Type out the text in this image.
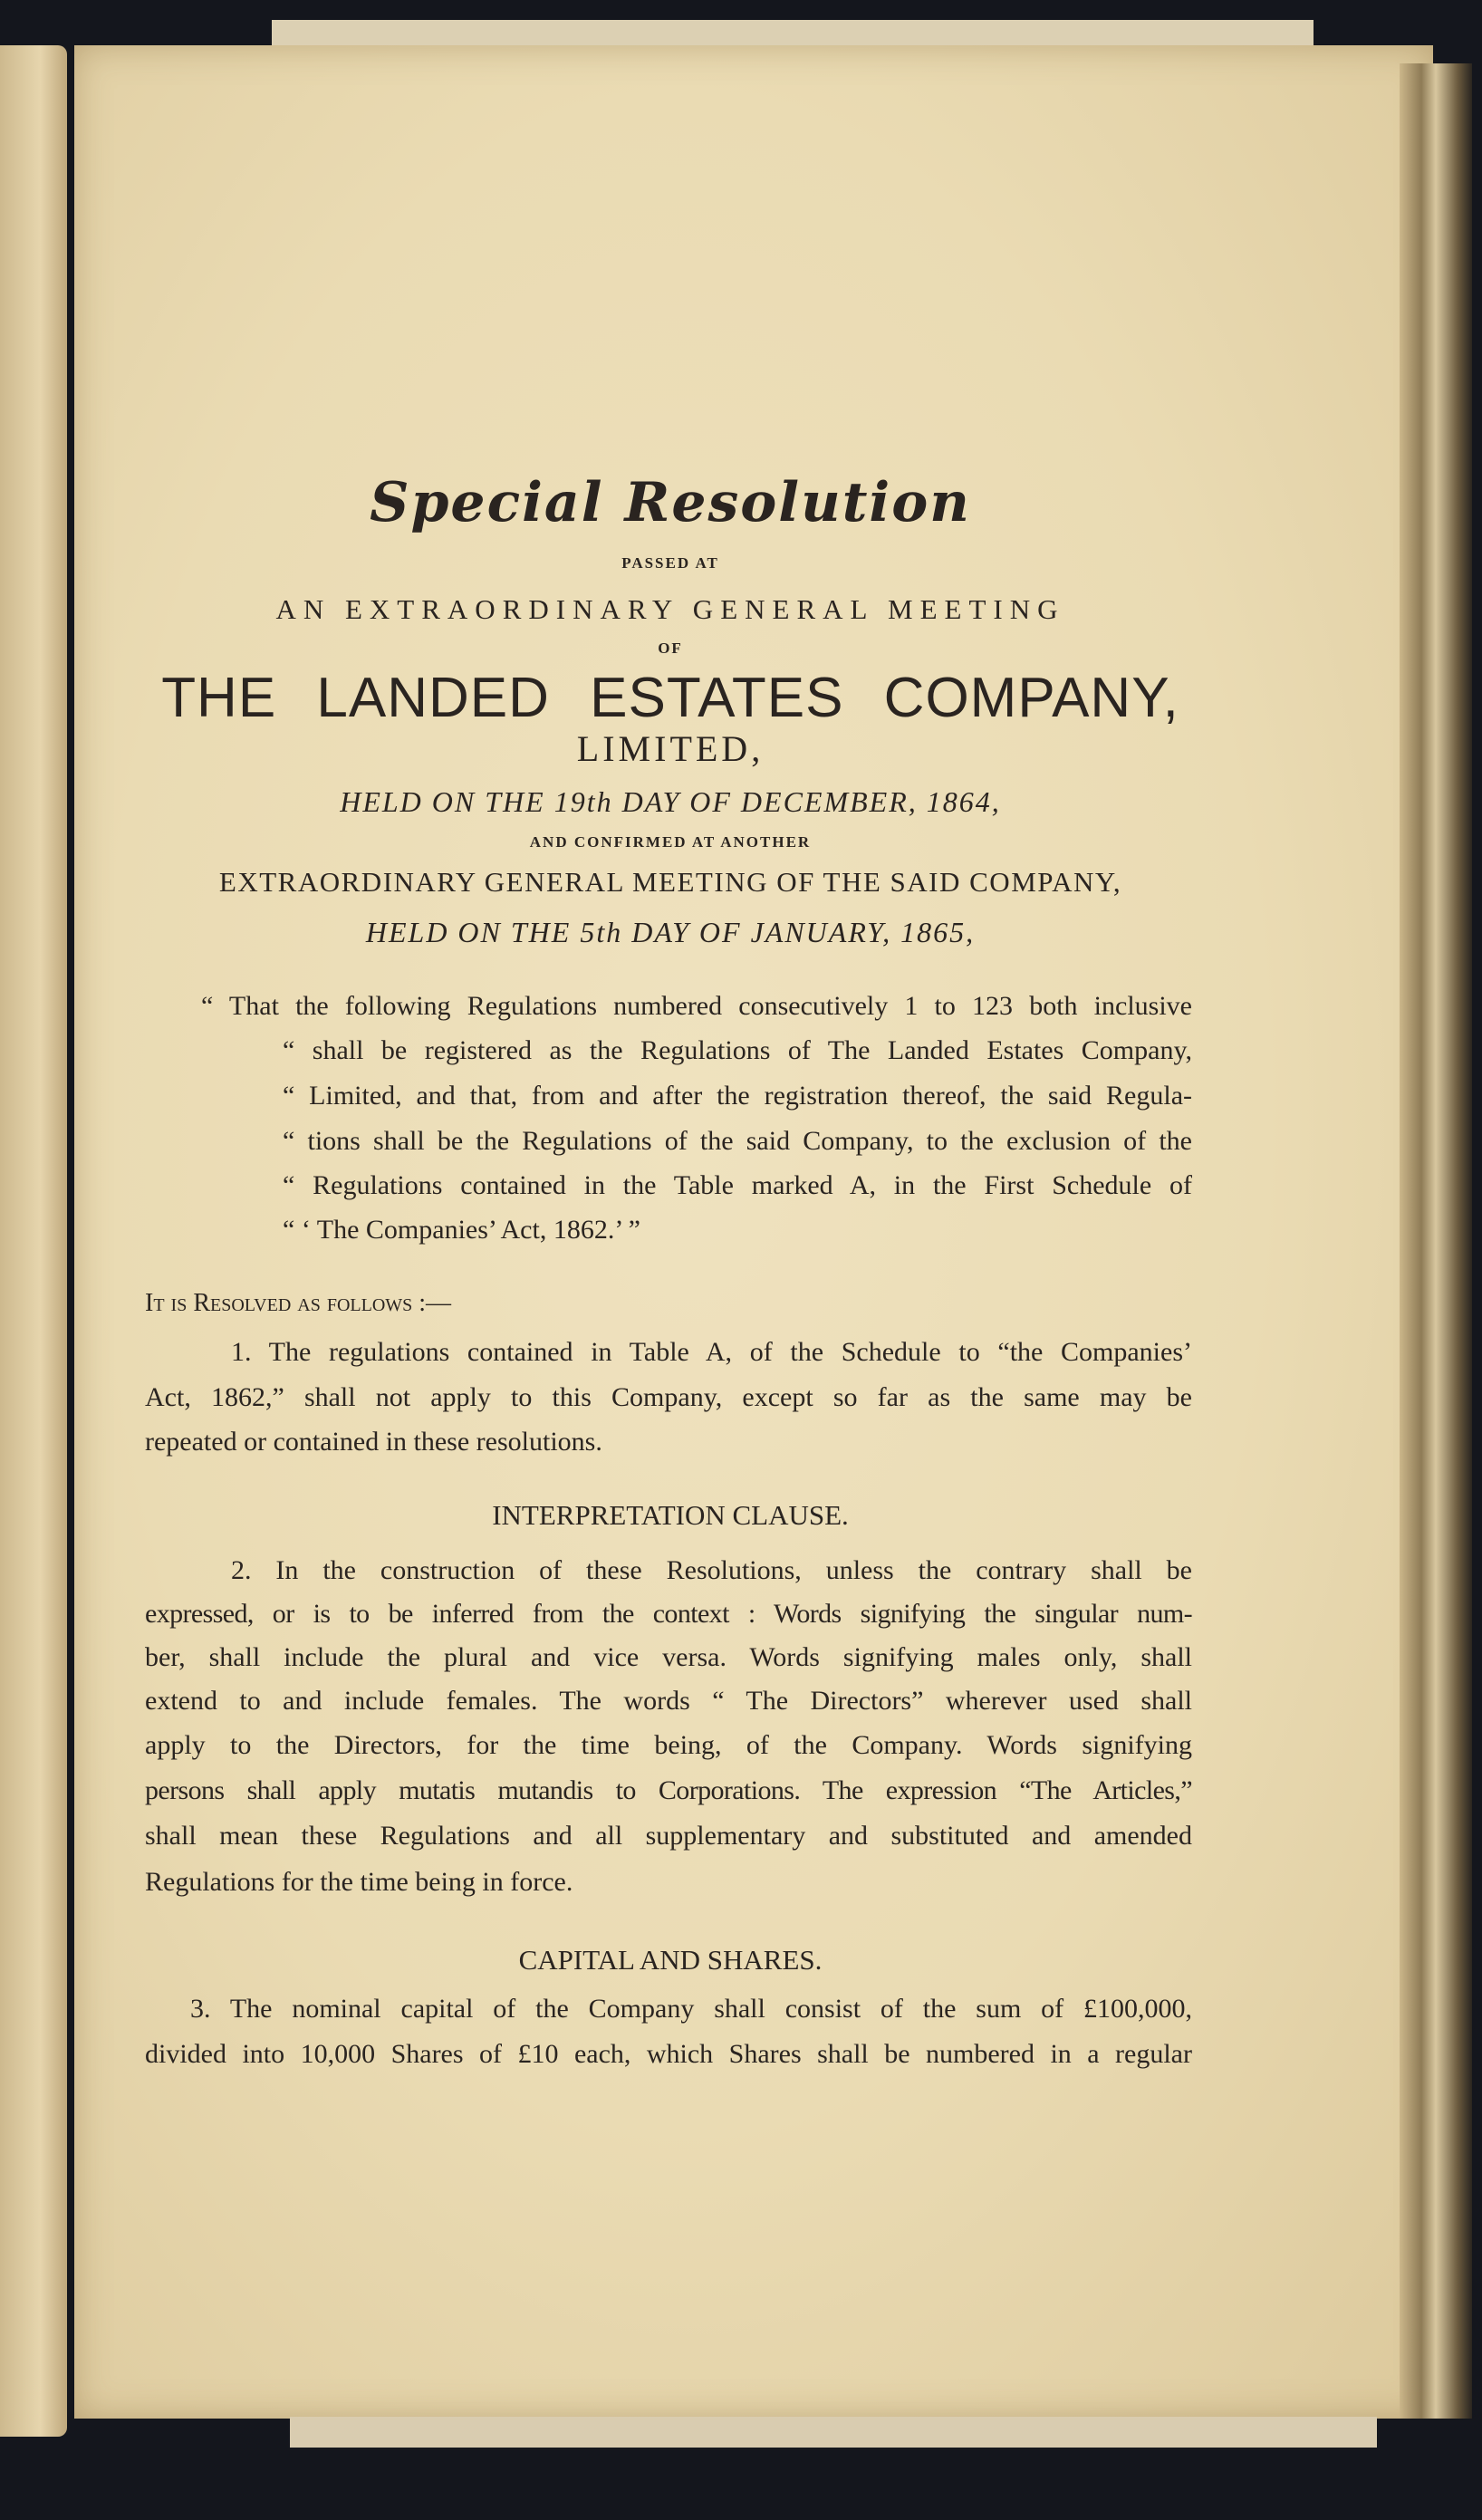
Special Resolution
PASSED AT
AN EXTRAORDINARY GENERAL MEETING
OF
THE LANDED ESTATES COMPANY,
LIMITED,
HELD ON THE 19th DAY OF DECEMBER, 1864,
AND CONFIRMED AT ANOTHER
EXTRAORDINARY GENERAL MEETING OF THE SAID COMPANY,
HELD ON THE 5th DAY OF JANUARY, 1865,
“ That the following Regulations numbered consecutively 1 to 123 both inclusive
“ shall be registered as the Regulations of The Landed Estates Company,
“ Limited, and that, from and after the registration thereof, the said Regula-
“ tions shall be the Regulations of the said Company, to the exclusion of the
“ Regulations contained in the Table marked A, in the First Schedule of
“ ‘ The Companies’ Act, 1862.’ ”
It is Resolved as follows :—
1. The regulations contained in Table A, of the Schedule to “the Companies’
Act, 1862,” shall not apply to this Company, except so far as the same may be
repeated or contained in these resolutions.
INTERPRETATION CLAUSE.
2. In the construction of these Resolutions, unless the contrary shall be
expressed, or is to be inferred from the context : Words signifying the singular num-
ber, shall include the plural and vice versa. Words signifying males only, shall
extend to and include females. The words “ The Directors” wherever used shall
apply to the Directors, for the time being, of the Company. Words signifying
persons shall apply mutatis mutandis to Corporations. The expression “The Articles,”
shall mean these Regulations and all supplementary and substituted and amended
Regulations for the time being in force.
CAPITAL AND SHARES.
3. The nominal capital of the Company shall consist of the sum of £100,000,
divided into 10,000 Shares of £10 each, which Shares shall be numbered in a regular
